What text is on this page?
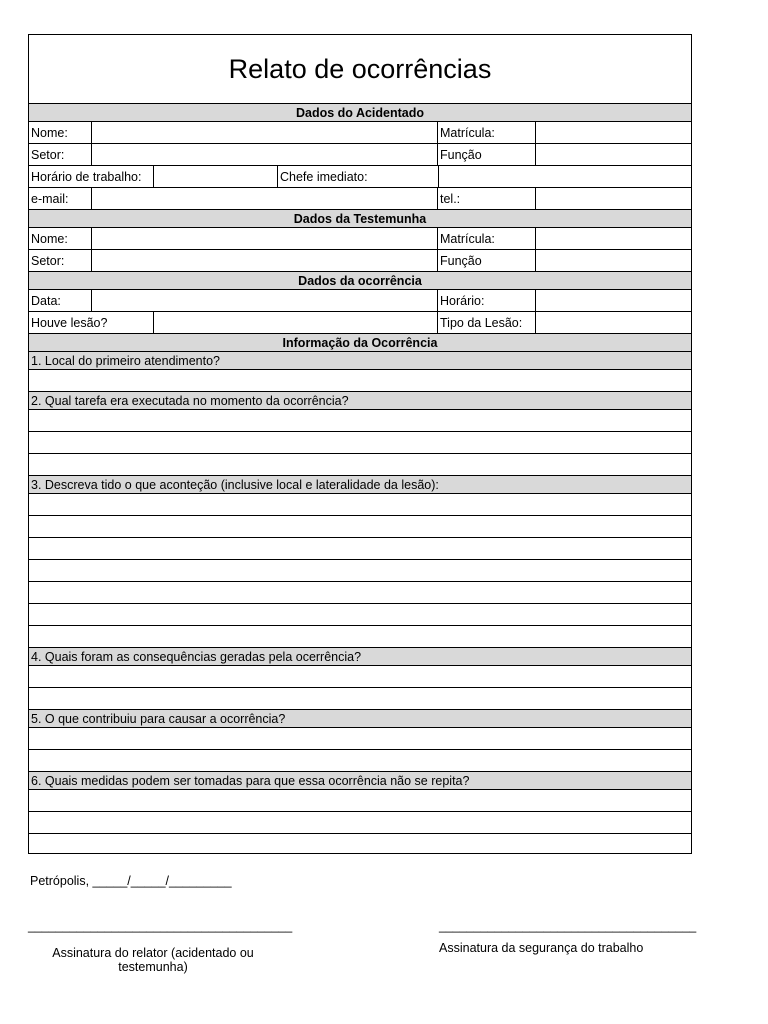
Relato de ocorrências
Dados do Acidentado
Nome:	Matrícula:
Setor:	Função
Horário de trabalho:	Chefe imediato:
e-mail:	tel.:
Dados da Testemunha
Nome:	Matrícula:
Setor:	Função
Dados da ocorrência
Data:	Horário:
Houve lesão?	Tipo da Lesão:
Informação da Ocorrência
1. Local do primeiro atendimento?
2. Qual tarefa era executada no momento da ocorrência?
3. Descreva tido o que aconteção (inclusive local e lateralidade da lesão):
4. Quais foram as consequências geradas pela ocerrência?
5. O que contribuiu para causar a ocorrência?
6. Quais medidas podem ser tomadas para que essa ocorrência não se repita?
Petrópolis, _____/_____/_________
______________________________________
Assinatura do relator (acidentado ou testemunha)
_____________________________________
Assinatura da segurança do trabalho
